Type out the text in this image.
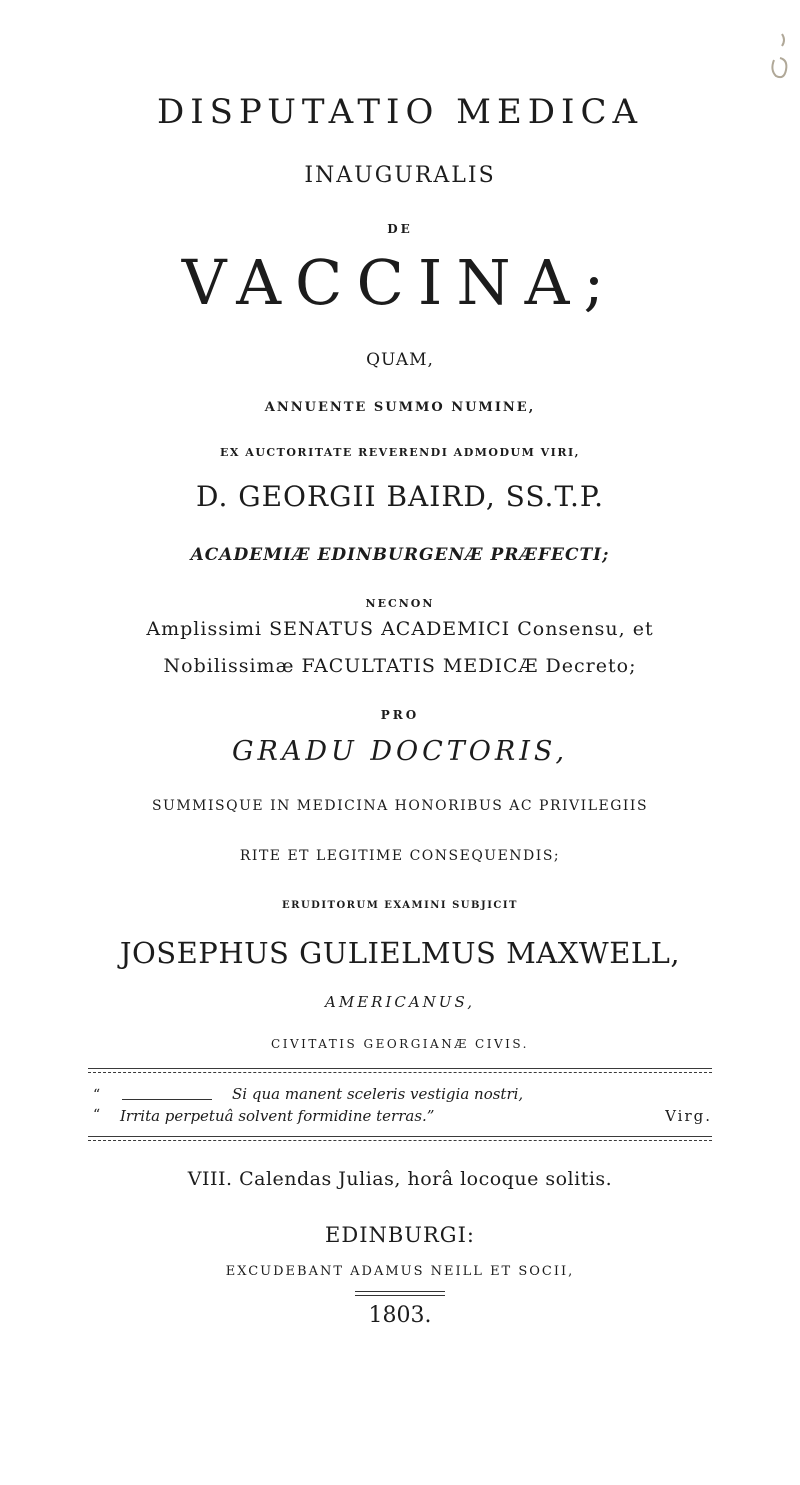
DISPUTATIO MEDICA
INAUGURALIS
DE
VACCINA;
QUAM,
ANNUENTE SUMMO NUMINE,
EX AUCTORITATE REVERENDI ADMODUM VIRI,
D. GEORGII BAIRD, SS.T.P.
ACADEMIÆ EDINBURGENÆ PRÆFECTI;
NECNON
Amplissimi SENATUS ACADEMICI Consensu, et
Nobilissimæ FACULTATIS MEDICÆ Decreto;
PRO
GRADU DOCTORIS,
SUMMISQUE IN MEDICINA HONORIBUS AC PRIVILEGIIS
RITE ET LEGITIME CONSEQUENDIS;
ERUDITORUM EXAMINI SUBJICIT
JOSEPHUS GULIELMUS MAXWELL,
AMERICANUS,
CIVITATIS GEORGIANÆ CIVIS.
“	Si qua manent sceleris vestigia nostri,
“ Irrita perpetuâ solvent formidine terras.”	Virg.
VIII. Calendas Julias, horâ locoque solitis.
EDINBURGI:
EXCUDEBANT ADAMUS NEILL ET SOCII,
1803.
